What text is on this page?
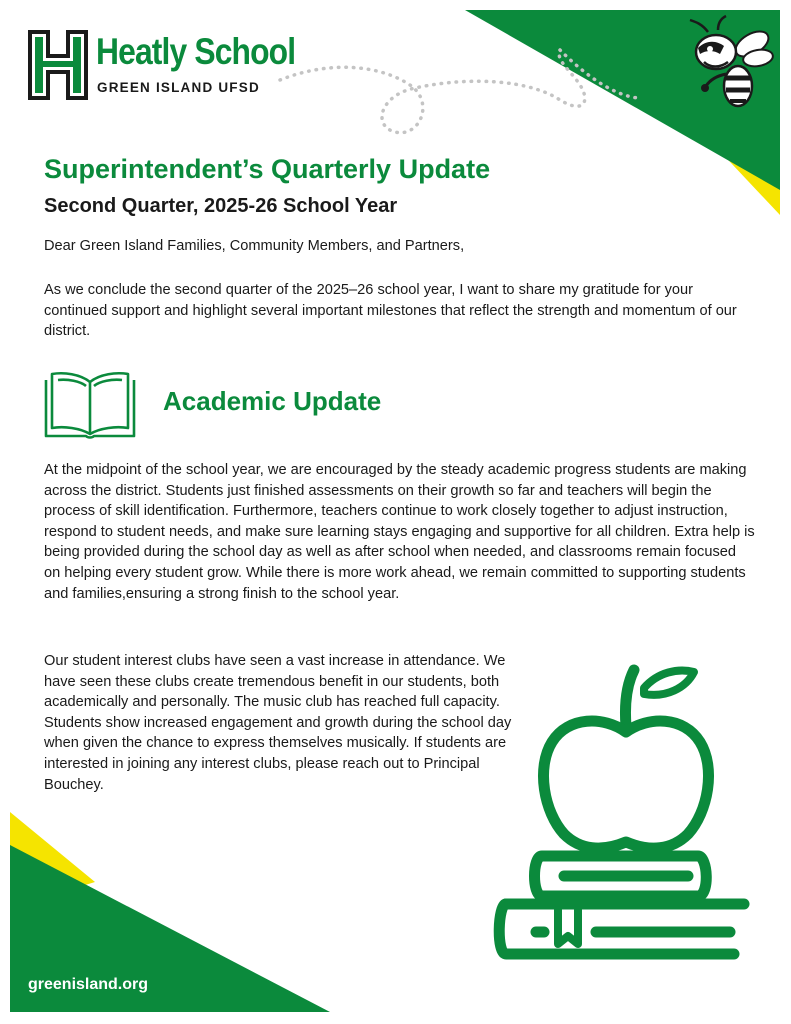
Heatly School
GREEN ISLAND UFSD
Superintendent’s Quarterly Update
Second Quarter, 2025-26 School Year
Dear Green Island Families, Community Members, and Partners,
As we conclude the second quarter of the 2025–26 school year, I want to share my gratitude for your continued support and highlight several important milestones that reflect the strength and momentum of our district.
Academic Update
At the midpoint of the school year, we are encouraged by the steady academic progress students are making across the district. Students just finished assessments on their growth so far and teachers will begin the process of skill identification. Furthermore, teachers continue to work closely together to adjust instruction, respond to student needs, and make sure learning stays engaging and supportive for all children. Extra help is being provided during the school day as well as after school when needed, and classrooms remain focused on helping every student grow. While there is more work ahead, we remain committed to supporting students and families,ensuring a strong finish to the school year.
Our student interest clubs have seen a vast increase in attendance. We have seen these clubs create tremendous benefit in our students, both academically and personally. The music club has reached full capacity. Students show increased engagement and growth during the school day when given the chance to express themselves musically. If students are interested in joining any interest clubs, please reach out to Principal Bouchey.
greenisland.org
